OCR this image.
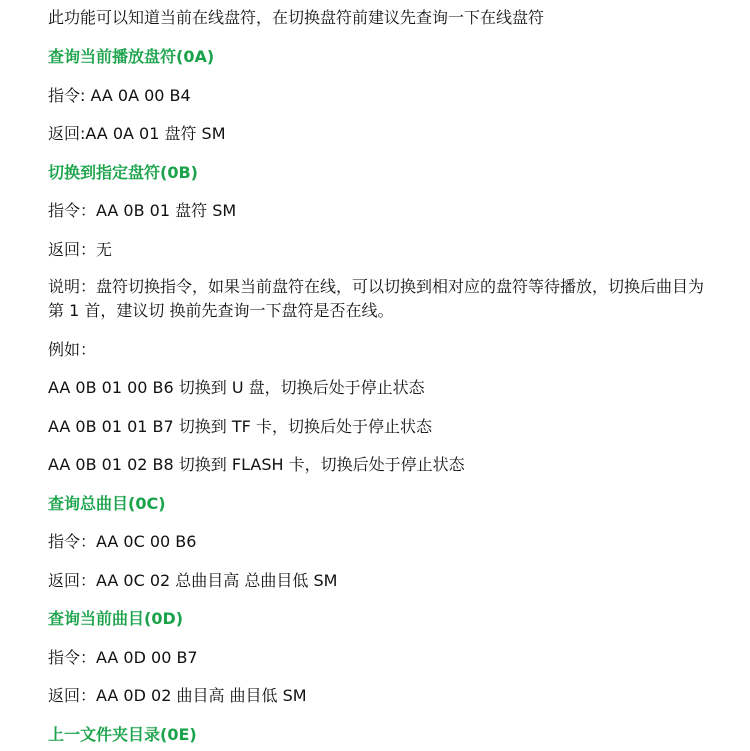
此功能可以知道当前在线盘符，在切换盘符前建议先查询一下在线盘符
查询当前播放盘符(0A)
指令: AA 0A 00 B4
返回:AA 0A 01 盘符 SM
切换到指定盘符(0B)
指令：AA 0B 01 盘符 SM
返回：无
说明：盘符切换指令，如果当前盘符在线，可以切换到相对应的盘符等待播放，切换后曲目为第 1 首，建议切 换前先查询一下盘符是否在线。
例如：
AA 0B 01 00 B6 切换到 U 盘，切换后处于停止状态
AA 0B 01 01 B7 切换到 TF 卡，切换后处于停止状态
AA 0B 01 02 B8 切换到 FLASH 卡，切换后处于停止状态
查询总曲目(0C)
指令：AA 0C 00 B6
返回：AA 0C 02 总曲目高 总曲目低 SM
查询当前曲目(0D)
指令：AA 0D 00 B7
返回：AA 0D 02 曲目高 曲目低 SM
上一文件夹目录(0E)
